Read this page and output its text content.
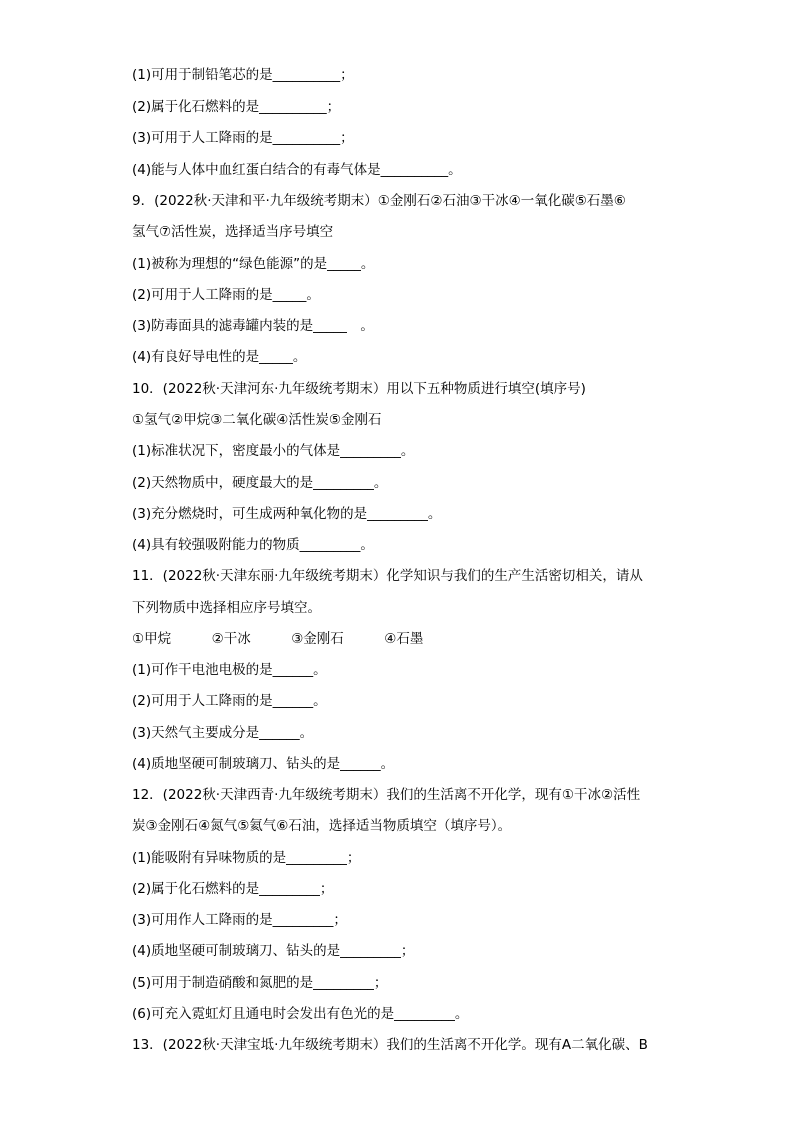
(1)可用于制铅笔芯的是__________；
(2)属于化石燃料的是__________；
(3)可用于人工降雨的是__________；
(4)能与人体中血红蛋白结合的有毒气体是__________。
9．(2022秋·天津和平·九年级统考期末）①金刚石②石油③干冰④一氧化碳⑤石墨⑥
氢气⑦活性炭，选择适当序号填空
(1)被称为理想的“绿色能源”的是_____。
(2)可用于人工降雨的是_____。
(3)防毒面具的滤毒罐内装的是_____　。
(4)有良好导电性的是_____。
10．(2022秋·天津河东·九年级统考期末）用以下五种物质进行填空(填序号)
①氢气②甲烷③二氧化碳④活性炭⑤金刚石
(1)标准状况下，密度最小的气体是_________。
(2)天然物质中，硬度最大的是_________。
(3)充分燃烧时，可生成两种氧化物的是_________。
(4)具有较强吸附能力的物质_________。
11．(2022秋·天津东丽·九年级统考期末）化学知识与我们的生产生活密切相关，请从
下列物质中选择相应序号填空。
①甲烷　　　②干冰　　　③金刚石　　　④石墨
(1)可作干电池电极的是______。
(2)可用于人工降雨的是______。
(3)天然气主要成分是______。
(4)质地坚硬可制玻璃刀、钻头的是______。
12．(2022秋·天津西青·九年级统考期末）我们的生活离不开化学，现有①干冰②活性
炭③金刚石④氮气⑤氦气⑥石油，选择适当物质填空（填序号）。
(1)能吸附有异味物质的是_________；
(2)属于化石燃料的是_________；
(3)可用作人工降雨的是_________；
(4)质地坚硬可制玻璃刀、钻头的是_________；
(5)可用于制造硝酸和氮肥的是_________；
(6)可充入霓虹灯且通电时会发出有色光的是_________。
13．(2022秋·天津宝坻·九年级统考期末）我们的生活离不开化学。现有A二氧化碳、B
